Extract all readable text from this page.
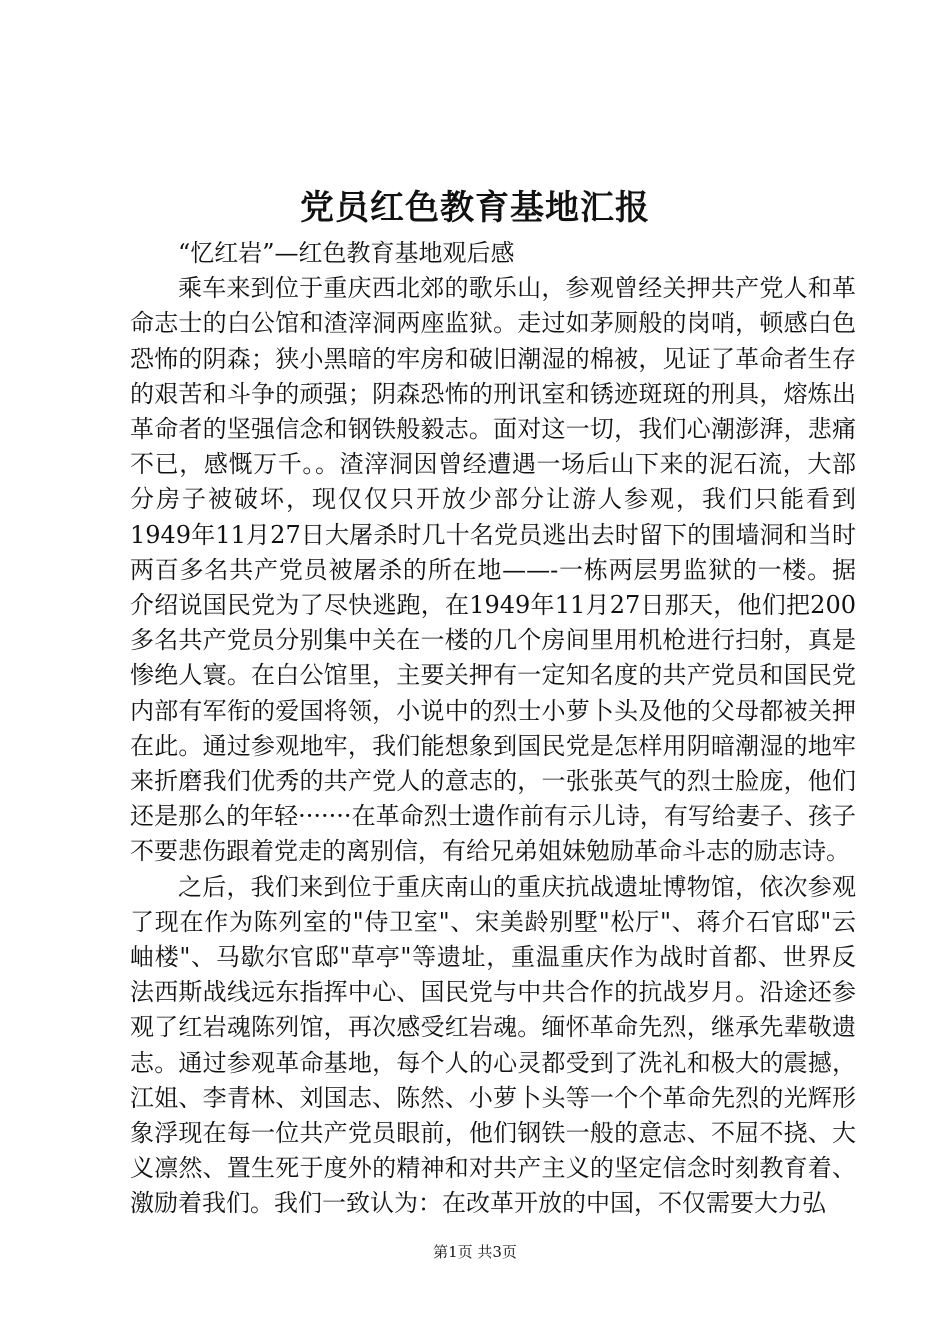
党员红色教育基地汇报

“忆红岩”—红色教育基地观后感

乘车来到位于重庆西北郊的歌乐山，参观曾经关押共产党人和革命志士的白公馆和渣滓洞两座监狱。走过如茅厕般的岗哨，顿感白色恐怖的阴森；狭小黑暗的牢房和破旧潮湿的棉被，见证了革命者生存的艰苦和斗争的顽强；阴森恐怖的刑讯室和锈迹斑斑的刑具，熔炼出革命者的坚强信念和钢铁般毅志。面对这一切，我们心潮澎湃，悲痛不已，感慨万千。。渣滓洞因曾经遭遇一场后山下来的泥石流，大部分房子被破坏，现仅仅只开放少部分让游人参观，我们只能看到1949年11月27日大屠杀时几十名党员逃出去时留下的围墙洞和当时两百多名共产党员被屠杀的所在地——-一栋两层男监狱的一楼。据介绍说国民党为了尽快逃跑，在1949年11月27日那天，他们把200多名共产党员分别集中关在一楼的几个房间里用机枪进行扫射，真是惨绝人寰。在白公馆里，主要关押有一定知名度的共产党员和国民党内部有军衔的爱国将领，小说中的烈士小萝卜头及他的父母都被关押在此。通过参观地牢，我们能想象到国民党是怎样用阴暗潮湿的地牢来折磨我们优秀的共产党人的意志的，一张张英气的烈士脸庞，他们还是那么的年轻·······在革命烈士遗作前有示儿诗，有写给妻子、孩子不要悲伤跟着党走的离别信，有给兄弟姐妹勉励革命斗志的励志诗。

之后，我们来到位于重庆南山的重庆抗战遗址博物馆，依次参观了现在作为陈列室的"侍卫室"、宋美龄别墅"松厅"、蒋介石官邸"云岫楼"、马歇尔官邸"草亭"等遗址，重温重庆作为战时首都、世界反法西斯战线远东指挥中心、国民党与中共合作的抗战岁月。沿途还参观了红岩魂陈列馆，再次感受红岩魂。缅怀革命先烈，继承先辈敬遗志。通过参观革命基地，每个人的心灵都受到了洗礼和极大的震撼，江姐、李青林、刘国志、陈然、小萝卜头等一个个革命先烈的光辉形象浮现在每一位共产党员眼前，他们钢铁一般的意志、不屈不挠、大义凛然、置生死于度外的精神和对共产主义的坚定信念时刻教育着、激励着我们。我们一致认为：在改革开放的中国，不仅需要大力弘

第1页 共3页
